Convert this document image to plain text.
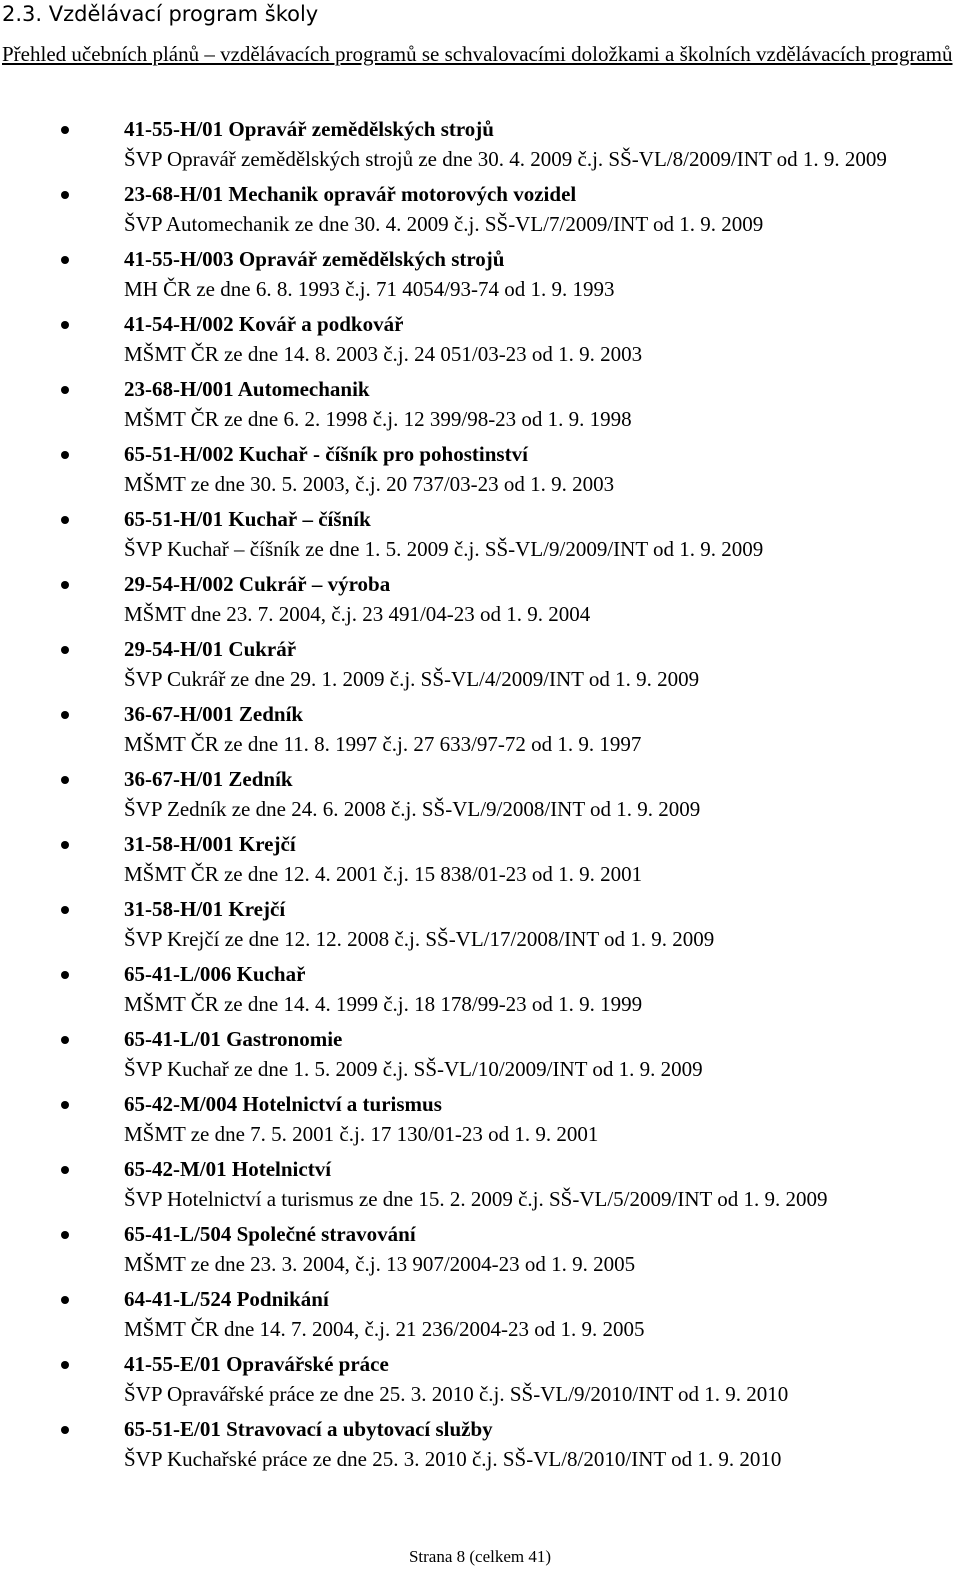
2.3. Vzdělávací program školy

Přehled učebních plánů – vzdělávacích programů se schvalovacími doložkami a školních vzdělávacích programů

41-55-H/01 Opravář zemědělských strojů
ŠVP Opravář zemědělských strojů ze dne 30. 4. 2009 č.j. SŠ-VL/8/2009/INT od 1. 9. 2009
23-68-H/01 Mechanik opravář motorových vozidel
ŠVP Automechanik ze dne 30. 4. 2009 č.j. SŠ-VL/7/2009/INT od 1. 9. 2009
41-55-H/003 Opravář zemědělských strojů
MH ČR ze dne 6. 8. 1993 č.j. 71 4054/93-74 od 1. 9. 1993
41-54-H/002 Kovář a podkovář
MŠMT ČR ze dne 14. 8. 2003 č.j. 24 051/03-23 od 1. 9. 2003
23-68-H/001 Automechanik
MŠMT ČR ze dne 6. 2. 1998 č.j. 12 399/98-23 od 1. 9. 1998
65-51-H/002 Kuchař - číšník pro pohostinství
MŠMT ze dne 30. 5. 2003, č.j. 20 737/03-23 od 1. 9. 2003
65-51-H/01 Kuchař – číšník
ŠVP Kuchař – číšník ze dne 1. 5. 2009 č.j. SŠ-VL/9/2009/INT od 1. 9. 2009
29-54-H/002 Cukrář – výroba
MŠMT dne 23. 7. 2004, č.j. 23 491/04-23 od 1. 9. 2004
29-54-H/01 Cukrář
ŠVP Cukrář ze dne 29. 1. 2009 č.j. SŠ-VL/4/2009/INT od 1. 9. 2009
36-67-H/001 Zedník
MŠMT ČR ze dne 11. 8. 1997 č.j. 27 633/97-72 od 1. 9. 1997
36-67-H/01 Zedník
ŠVP Zedník ze dne 24. 6. 2008 č.j. SŠ-VL/9/2008/INT od 1. 9. 2009
31-58-H/001 Krejčí
MŠMT ČR ze dne 12. 4. 2001 č.j. 15 838/01-23 od 1. 9. 2001
31-58-H/01 Krejčí
ŠVP Krejčí ze dne 12. 12. 2008 č.j. SŠ-VL/17/2008/INT od 1. 9. 2009
65-41-L/006 Kuchař
MŠMT ČR ze dne 14. 4. 1999 č.j. 18 178/99-23 od 1. 9. 1999
65-41-L/01 Gastronomie
ŠVP Kuchař ze dne 1. 5. 2009 č.j. SŠ-VL/10/2009/INT od 1. 9. 2009
65-42-M/004 Hotelnictví a turismus
MŠMT ze dne 7. 5. 2001 č.j. 17 130/01-23 od 1. 9. 2001
65-42-M/01 Hotelnictví
ŠVP Hotelnictví a turismus ze dne 15. 2. 2009 č.j. SŠ-VL/5/2009/INT od 1. 9. 2009
65-41-L/504 Společné stravování
MŠMT ze dne 23. 3. 2004, č.j. 13 907/2004-23 od 1. 9. 2005
64-41-L/524 Podnikání
MŠMT ČR dne 14. 7. 2004, č.j. 21 236/2004-23 od 1. 9. 2005
41-55-E/01 Opravářské práce
ŠVP Opravářské práce ze dne 25. 3. 2010 č.j. SŠ-VL/9/2010/INT od 1. 9. 2010
65-51-E/01 Stravovací a ubytovací služby
ŠVP Kuchařské práce ze dne 25. 3. 2010 č.j. SŠ-VL/8/2010/INT od 1. 9. 2010
Strana 8 (celkem 41)
